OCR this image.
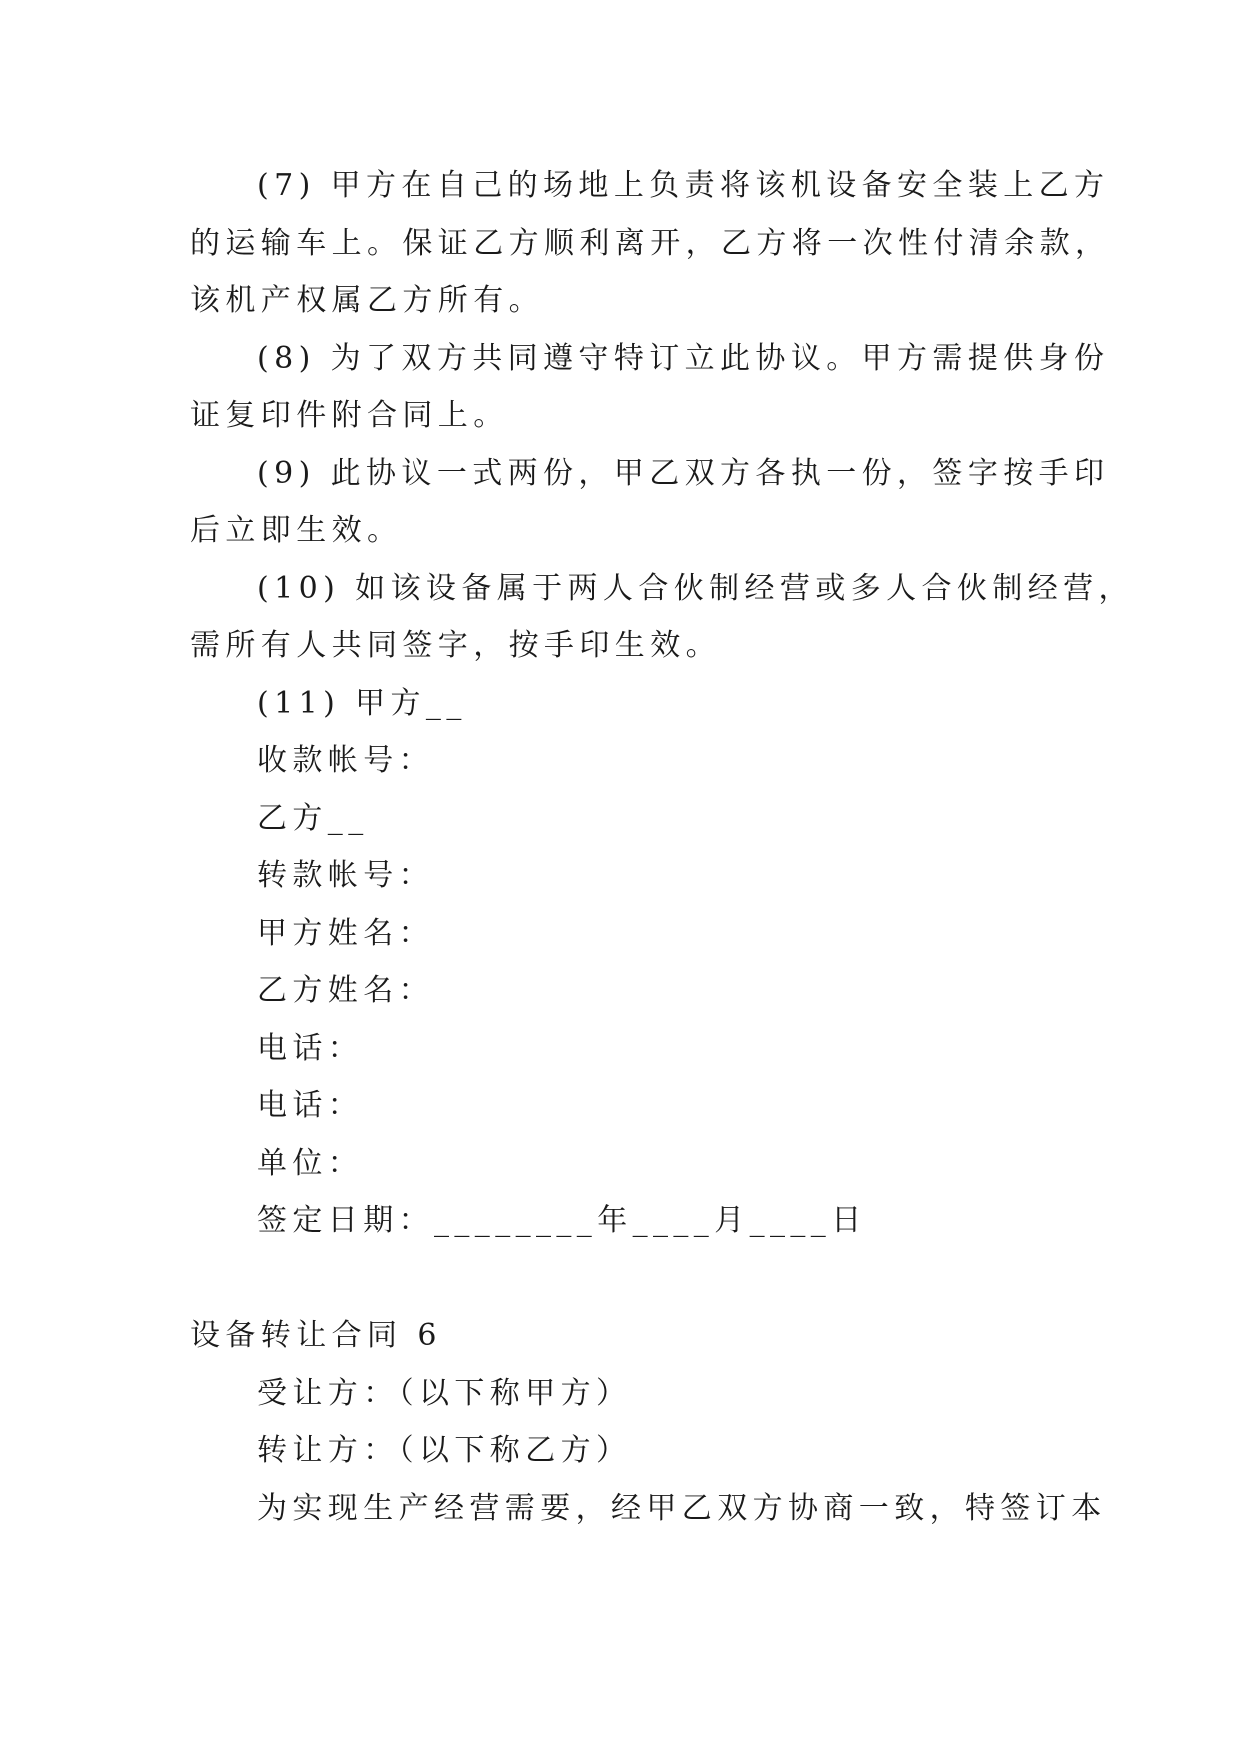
(7) 甲方在自己的场地上负责将该机设备安全装上乙方
的运输车上。保证乙方顺利离开，乙方将一次性付清余款，
该机产权属乙方所有。
(8) 为了双方共同遵守特订立此协议。甲方需提供身份
证复印件附合同上。
(9) 此协议一式两份，甲乙双方各执一份，签字按手印
后立即生效。
(10) 如该设备属于两人合伙制经营或多人合伙制经营，
需所有人共同签字，按手印生效。
(11) 甲方__
收款帐号：
乙方__
转款帐号：
甲方姓名：
乙方姓名：
电话：
电话：
单位：
签定日期：________年____月____日
设备转让合同 6
受让方：（以下称甲方）
转让方：（以下称乙方）
为实现生产经营需要，经甲乙双方协商一致，特签订本
